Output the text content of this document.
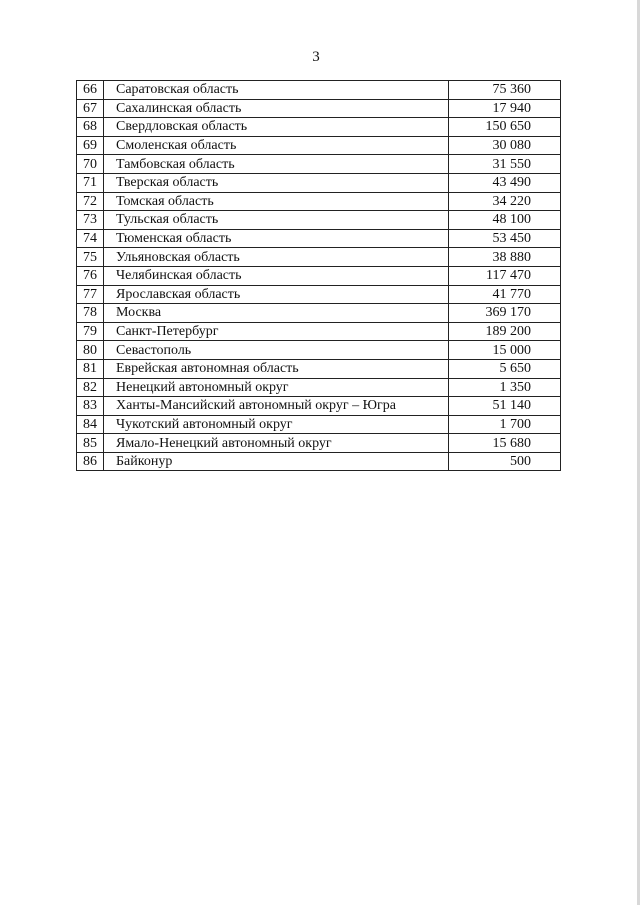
3
66	Саратовская область	75 360
67	Сахалинская область	17 940
68	Свердловская область	150 650
69	Смоленская область	30 080
70	Тамбовская область	31 550
71	Тверская область	43 490
72	Томская область	34 220
73	Тульская область	48 100
74	Тюменская область	53 450
75	Ульяновская область	38 880
76	Челябинская область	117 470
77	Ярославская область	41 770
78	Москва	369 170
79	Санкт-Петербург	189 200
80	Севастополь	15 000
81	Еврейская автономная область	5 650
82	Ненецкий автономный округ	1 350
83	Ханты-Мансийский автономный округ – Югра	51 140
84	Чукотский автономный округ	1 700
85	Ямало-Ненецкий автономный округ	15 680
86	Байконур	500
